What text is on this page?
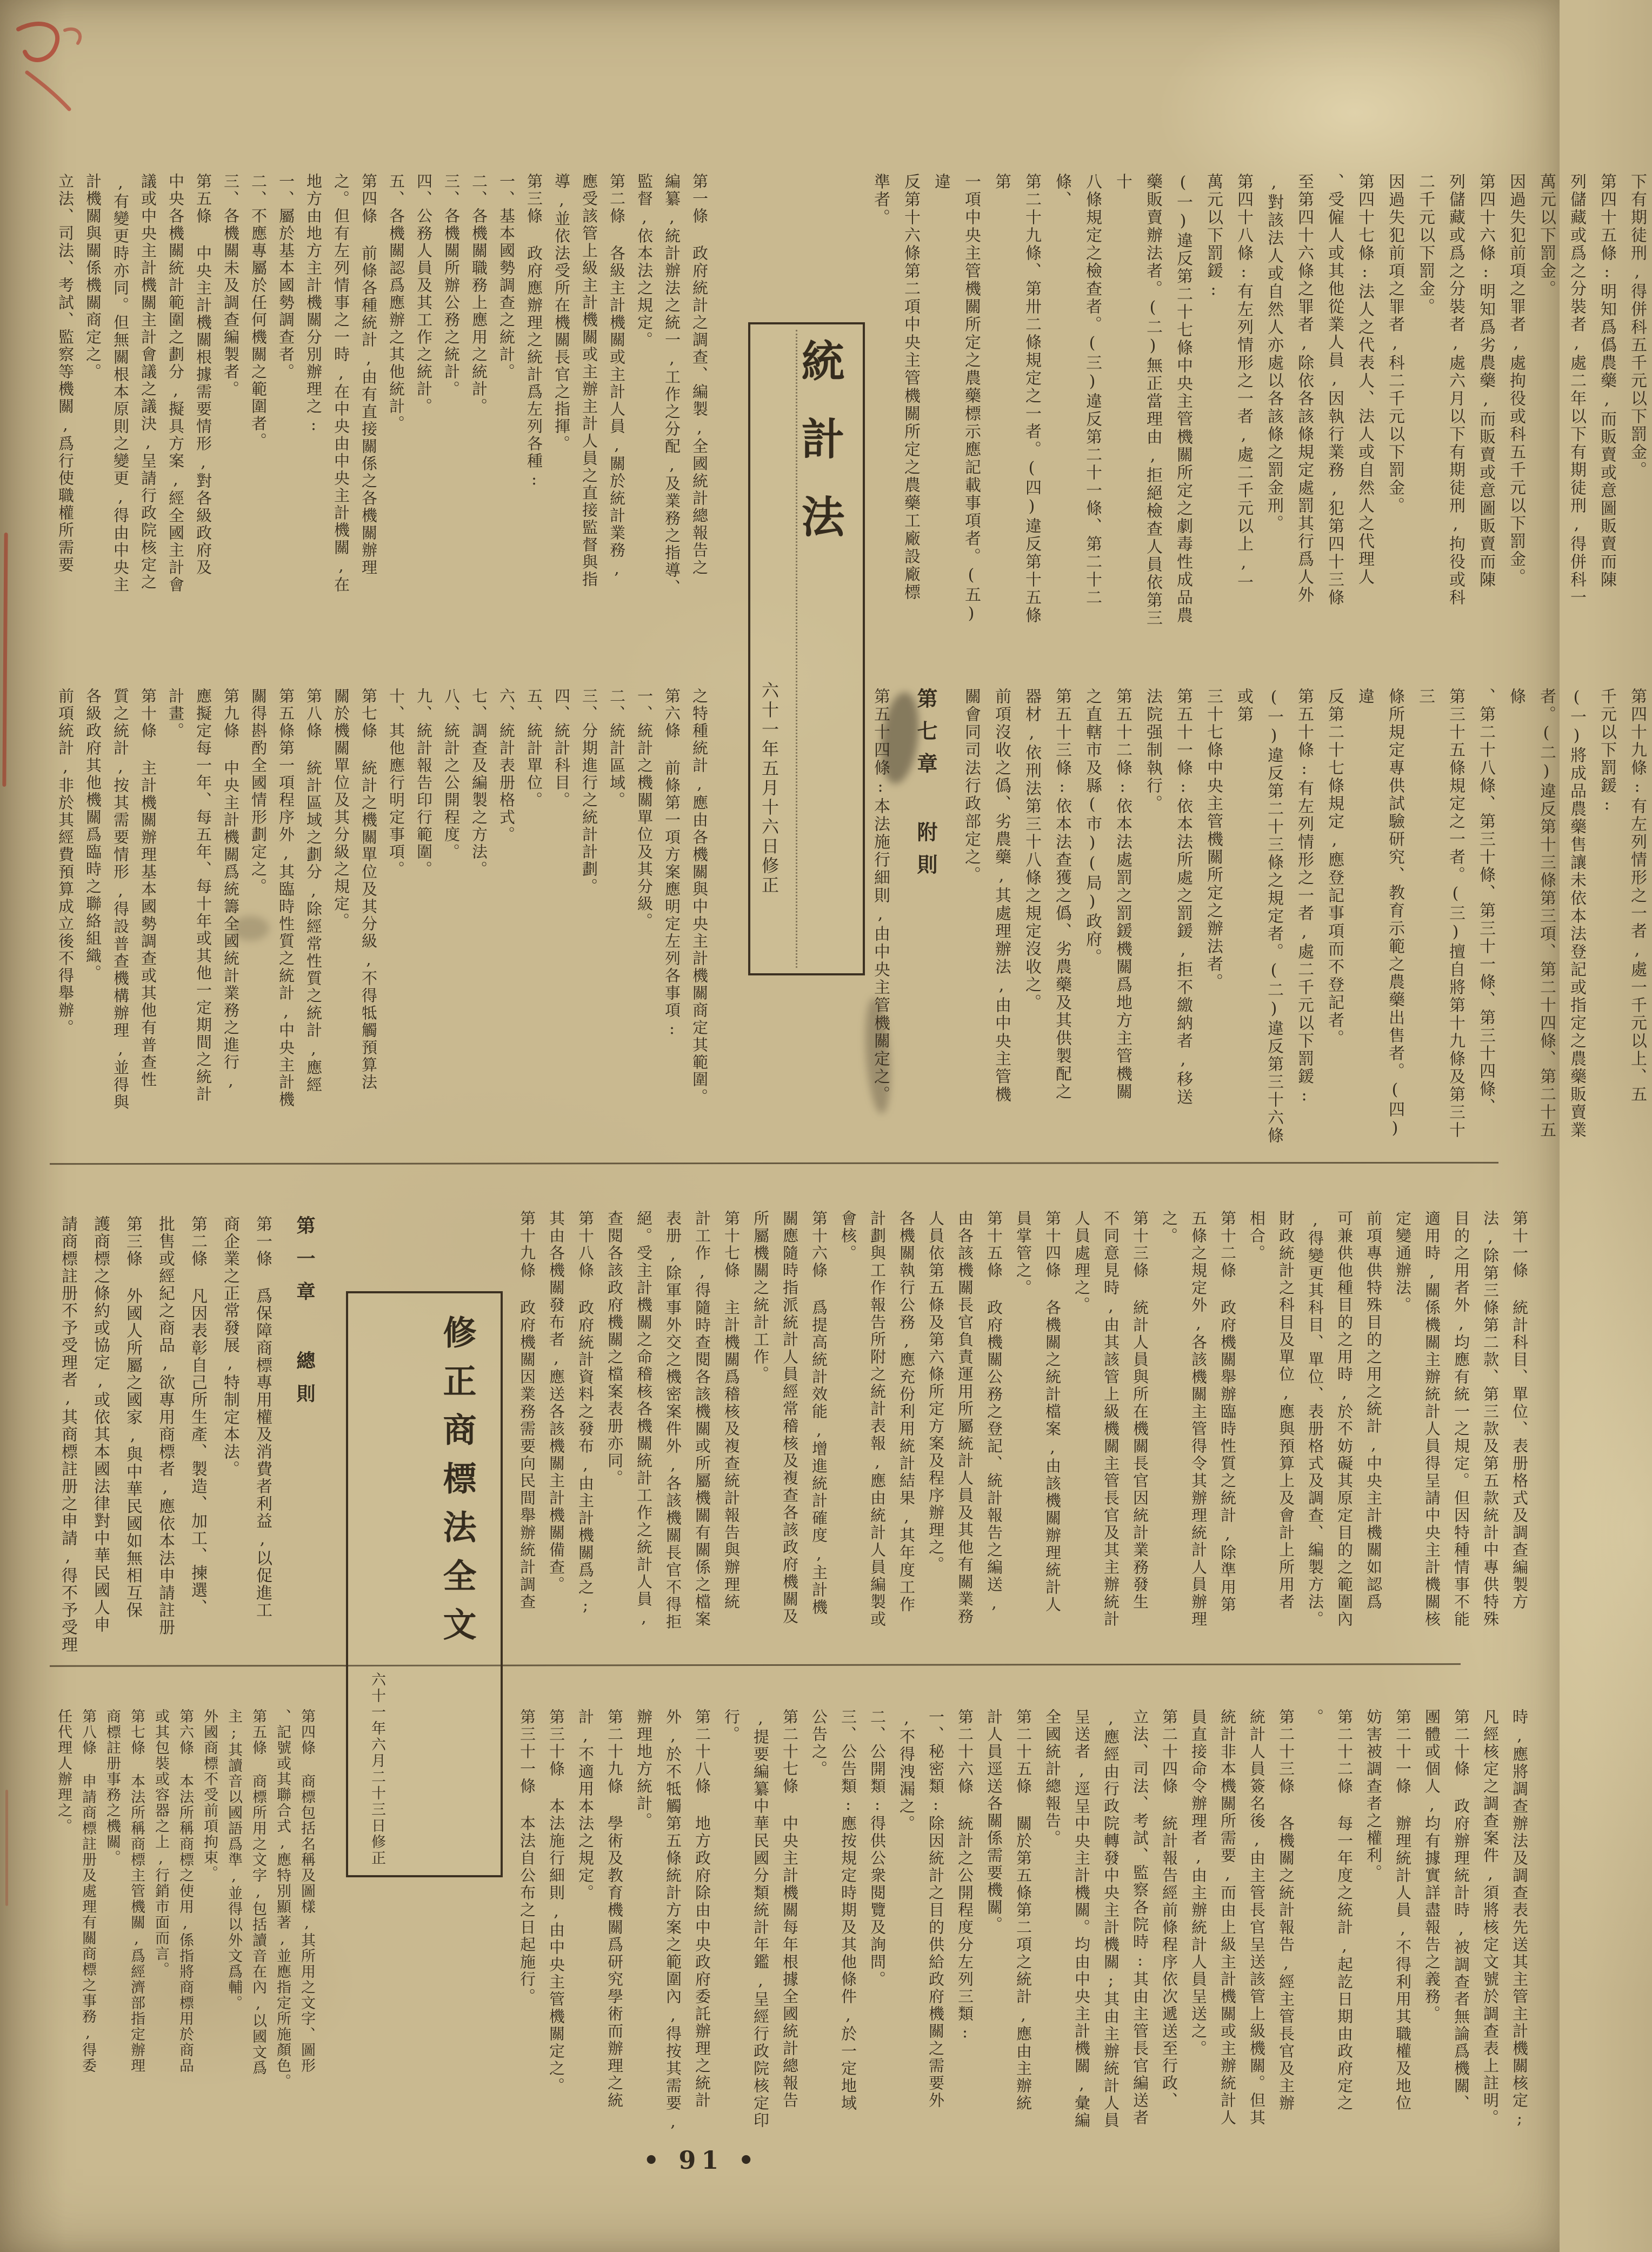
下有期徒刑,得併科五千元以下罰金。

第四十五條:明知爲僞農藥,而販賣或意圖販賣而陳

列儲藏或爲之分裝者,處二年以下有期徒刑,得併科一

萬元以下罰金。

因過失犯前項之罪者,處拘役或科五千元以下罰金。

第四十六條:明知爲劣農藥,而販賣或意圖販賣而陳

列儲藏或爲之分裝者,處六月以下有期徒刑,拘役或科

二千元以下罰金。

因過失犯前項之罪者,科二千元以下罰金。

第四十七條:法人之代表人、法人或自然人之代理人

、受僱人或其他從業人員,因執行業務,犯第四十三條

至第四十六條之罪者,除依各該條規定處罰其行爲人外

,對該法人或自然人亦處以各該條之罰金刑。

第四十八條:有左列情形之一者,處二千元以上,一

萬元以下罰鍰:

(一)違反第二十七條中央主管機關所定之劇毒性成品農

藥販賣辦法者。(二)無正當理由,拒絕檢查人員依第三十

八條規定之檢查者。(三)違反第二十一條、第二十二條、

第二十九條、第卅二條規定之一者。(四)違反第十五條第

一項中央主管機關所定之農藥標示應記載事項者。(五)違

反第十六條第二項中央主管機關所定之農藥工廠設廠標

準者。

第四十九條:有左列情形之一者,處一千元以上、五

千元以下罰鍰:

(一)將成品農藥售讓未依本法登記或指定之農藥販賣業

者。(二)違反第十三條第三項、第二十四條、第二十五條

、第二十八條、第三十條、第三十一條、第三十四條、

第三十五條規定之一者。(三)擅自將第十九條及第三十三

條所規定專供試驗研究、教育示範之農藥出售者。(四)違

反第二十七條規定,應登記事項而不登記者。

第五十條:有左列情形之一者,處二千元以下罰鍰:

(一)違反第二十三條之規定者。(二)違反第三十六條或第

三十七條中央主管機關所定之辦法者。

第五十一條:依本法所處之罰鍰,拒不繳納者,移送

法院强制執行。

第五十二條:依本法處罰之罰鍰機關爲地方主管機關

之直轄市及縣(市)(局)政府。

第五十三條:依本法查獲之僞、劣農藥及其供製配之

器材,依刑法第三十八條之規定沒收之。

前項沒收之僞、劣農藥,其處理辦法,由中央主管機

關會同司法行政部定之。

第七章 附則

第五十四條:本法施行細則,由中央主管機關定之。

統計法

六十一年五月十六日修正

第一條 政府統計之調查、編製,全國統計總報告之

編纂,統計辦法之統一,工作之分配,及業務之指導、

監督,依本法之規定。

第二條 各級主計機關或主計人員,關於統計業務,

應受該管上級主計機關或主辦主計人員之直接監督與指

導,並依法受所在機關長官之指揮。

第三條 政府應辦理之統計爲左列各種:

一、基本國勢調查之統計。

二、各機關職務上應用之統計。

三、各機關所辦公務之統計。

四、公務人員及其工作之統計。

五、各機關認爲應辦之其他統計。

第四條 前條各種統計,由有直接關係之各機關辦理

之。但有左列情事之一時,在中央由中央主計機關,在

地方由地方主計機關分別辦理之:

一、屬於基本國勢調查者。

二、不應專屬於任何機關之範圍者。

三、各機關未及調查編製者。

第五條 中央主計機關根據需要情形,對各級政府及

中央各機關統計範圍之劃分,擬具方案,經全國主計會

議或中央主計機關主計會議之議決,呈請行政院核定之

,有變更時亦同。但無關根本原則之變更,得由中央主

計機關與關係機關商定之。

立法、司法、考試、監察等機關,爲行使職權所需要

之特種統計,應由各機關與中央主計機關商定其範圍。

第六條 前條第一項方案應明定左列各事項:

一、統計之機關單位及其分級。

二、統計區域。

三、分期進行之統計計劃。

四、統計科目。

五、統計單位。

六、統計表册格式。

七、調查及編製之方法。

八、統計之公開程度。

九、統計報告印行範圍。

十、其他應行明定事項。

第七條 統計之機關單位及其分級,不得牴觸預算法

關於機關單位及其分級之規定。

第八條 統計區域之劃分,除經常性質之統計,應經

第五條第一項程序外,其臨時性質之統計,中央主計機

關得斟酌全國情形劃定之。

第九條 中央主計機關爲統籌全國統計業務之進行,

應擬定每一年、每五年、每十年或其他一定期間之統計

計畫。

第十條 主計機關辦理基本國勢調查或其他有普查性

質之統計,按其需要情形,得設普查機構辦理,並得與

各級政府其他機關爲臨時之聯絡組織。

前項統計,非於其經費預算成立後不得舉辦。

第十一條 統計科目、單位、表册格式及調查編製方

法,除第三條第二款、第三款及第五款統計中專供特殊

目的之用者外,均應有統一之規定。但因特種情事不能

適用時,關係機關主辦統計人員得呈請中央主計機關核

定變通辦法。

前項專供特殊目的之用之統計,中央主計機關如認爲

可兼供他種目的之用時,於不妨礙其原定目的之範圍內

,得變更其科目、單位、表册格式及調查、編製方法。

財政統計之科目及單位,應與預算上及會計上所用者

相合。

第十二條 政府機關舉辦臨時性質之統計,除準用第

五條之規定外,各該機關主管得令其辦理統計人員辦理

之。

第十三條 統計人員與所在機關長官因統計業務發生

不同意見時,由其該管上級機關主管長官及其主辦統計

人員處理之。

第十四條 各機關之統計檔案,由該機關辦理統計人

員掌管之。

第十五條 政府機關公務之登記、統計報告之編送,

由各該機關長官負責運用所屬統計人員及其他有關業務

人員依第五條及第六條所定方案及程序辦理之。

各機關執行公務,應充份利用統計結果,其年度工作

計劃與工作報告所附之統計表報,應由統計人員編製或

會核。

第十六條 爲提高統計效能,增進統計確度,主計機

關應隨時指派統計人員經常稽核及複查各該政府機關及

所屬機關之統計工作。

第十七條 主計機關爲稽核及複查統計報告與辦理統

計工作,得隨時查閱各該機關或所屬機關有關係之檔案

表册,除軍事外交之機密案件外,各該機關長官不得拒

絕。受主計機關之命稽核各機關統計工作之統計人員,

查閱各該政府機關之檔案表册亦同。

第十八條 政府統計資料之發布,由主計機關爲之;

其由各機關發布者,應送各該機關主計機關備查。

第十九條 政府機關因業務需要向民間舉辦統計調查

時,應將調查辦法及調查表先送其主管主計機關核定;

凡經核定之調查案件,須將核定文號於調查表上註明。

第二十條 政府辦理統計時,被調查者無論爲機關、

團體或個人,均有據實詳盡報告之義務。

第二十一條 辦理統計人員,不得利用其職權及地位

妨害被調查者之權利。

第二十二條 每一年度之統計,起訖日期由政府定之

。

第二十三條 各機關之統計報告,經主管長官及主辦

統計人員簽名後,由主管長官呈送該管上級機關。但其

統計非本機關所需要,而由上級主計機關或主辦統計人

員直接命令辦理者,由主辦統計人員呈送之。

第二十四條 統計報告經前條程序依次遞送至行政、

立法、司法、考試、監察各院時:其由主管長官編送者

,應經由行政院轉發中央主計機關;其由主辦統計人員

呈送者,逕呈中央主計機關。均由中央主計機關,彙編

全國統計總報告。

第二十五條 關於第五條第二項之統計,應由主辦統

計人員逕送各關係需要機關。

第二十六條 統計之公開程度分左列三類:

一、秘密類:除因統計之目的供給政府機關之需要外

,不得洩漏之。

二、公開類:得供公衆閱覽及詢問。

三、公告類:應按規定時期及其他條件,於一定地域

公告之。

第二十七條 中央主計機關每年根據全國統計總報告

,提要編纂中華民國分類統計年鑑,呈經行政院核定印

行。

第二十八條 地方政府除由中央政府委託辦理之統計

外,於不牴觸第五條統計方案之範圍內,得按其需要,

辦理地方統計。

第二十九條 學術及教育機關爲研究學術而辦理之統

計,不適用本法之規定。

第三十條 本法施行細則,由中央主管機關定之。

第三十一條 本法自公布之日起施行。

修正商標法全文

六十一年六月二十三日修正

第一章 總則

第一條 爲保障商標專用權及消費者利益,以促進工

商企業之正常發展,特制定本法。

第二條 凡因表彰自己所生產、製造、加工、揀選、

批售或經紀之商品,欲專用商標者,應依本法申請註册

第三條 外國人所屬之國家,與中華民國如無相互保

護商標之條約或協定,或依其本國法律對中華民國人申

請商標註册不予受理者,其商標註册之申請,得不予受理

第四條 商標包括名稱及圖樣,其所用之文字、圖形

、記號或其聯合式,應特別顯著,並應指定所施顏色。

第五條 商標所用之文字,包括讀音在內,以國文爲

主;其讀音以國語爲準,並得以外文爲輔。

外國商標不受前項拘束。

第六條 本法所稱商標之使用,係指將商標用於商品

或其包裝或容器之上,行銷市面而言。

第七條 本法所稱商標主管機關,爲經濟部指定辦理

商標註册事務之機關。

第八條 申請商標註册及處理有關商標之事務,得委

任代理人辦理之。

• 91 •
